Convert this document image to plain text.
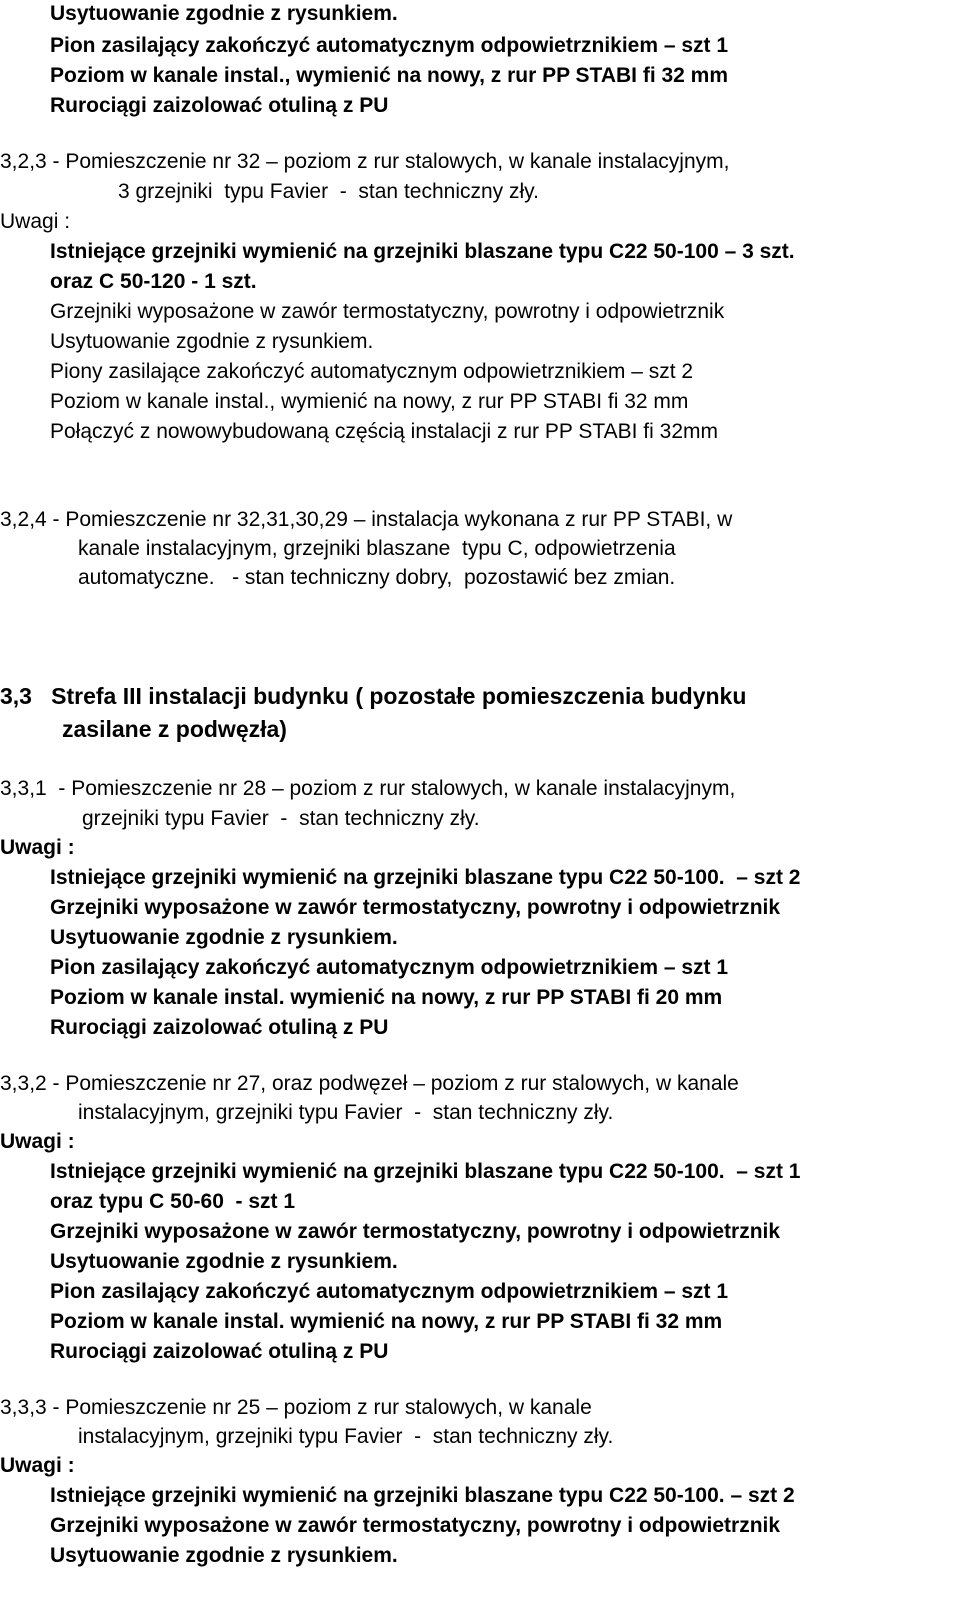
Usytuowanie zgodnie z rysunkiem.
Pion zasilający zakończyć automatycznym odpowietrznikiem – szt 1
Poziom w kanale instal., wymienić na nowy, z rur PP STABI fi 32 mm
Rurociągi zaizolować otuliną z PU
3,2,3 - Pomieszczenie nr 32 – poziom z rur stalowych, w kanale instalacyjnym,
3 grzejniki  typu Favier  -  stan techniczny zły.
Uwagi :
Istniejące grzejniki wymienić na grzejniki blaszane typu C22 50-100 – 3 szt.
oraz C 50-120 - 1 szt.
Grzejniki wyposażone w zawór termostatyczny, powrotny i odpowietrznik
Usytuowanie zgodnie z rysunkiem.
Piony zasilające zakończyć automatycznym odpowietrznikiem – szt 2
Poziom w kanale instal., wymienić na nowy, z rur PP STABI fi 32 mm
Połączyć z nowowybudowaną częścią instalacji z rur PP STABI fi 32mm
3,2,4 - Pomieszczenie nr 32,31,30,29 – instalacja wykonana z rur PP STABI, w
kanale instalacyjnym, grzejniki blaszane  typu C, odpowietrzenia
automatyczne.   - stan techniczny dobry,  pozostawić bez zmian.
3,3   Strefa III instalacji budynku ( pozostałe pomieszczenia budynku
zasilane z podwęzła)
3,3,1  - Pomieszczenie nr 28 – poziom z rur stalowych, w kanale instalacyjnym,
grzejniki typu Favier  -  stan techniczny zły.
Uwagi :
Istniejące grzejniki wymienić na grzejniki blaszane typu C22 50-100.  – szt 2
Grzejniki wyposażone w zawór termostatyczny, powrotny i odpowietrznik
Usytuowanie zgodnie z rysunkiem.
Pion zasilający zakończyć automatycznym odpowietrznikiem – szt 1
Poziom w kanale instal. wymienić na nowy, z rur PP STABI fi 20 mm
Rurociągi zaizolować otuliną z PU
3,3,2 - Pomieszczenie nr 27, oraz podwęzeł – poziom z rur stalowych, w kanale
instalacyjnym, grzejniki typu Favier  -  stan techniczny zły.
Uwagi :
Istniejące grzejniki wymienić na grzejniki blaszane typu C22 50-100.  – szt 1
oraz typu C 50-60  - szt 1
Grzejniki wyposażone w zawór termostatyczny, powrotny i odpowietrznik
Usytuowanie zgodnie z rysunkiem.
Pion zasilający zakończyć automatycznym odpowietrznikiem – szt 1
Poziom w kanale instal. wymienić na nowy, z rur PP STABI fi 32 mm
Rurociągi zaizolować otuliną z PU
3,3,3 - Pomieszczenie nr 25 – poziom z rur stalowych, w kanale
instalacyjnym, grzejniki typu Favier  -  stan techniczny zły.
Uwagi :
Istniejące grzejniki wymienić na grzejniki blaszane typu C22 50-100. – szt 2
Grzejniki wyposażone w zawór termostatyczny, powrotny i odpowietrznik
Usytuowanie zgodnie z rysunkiem.
